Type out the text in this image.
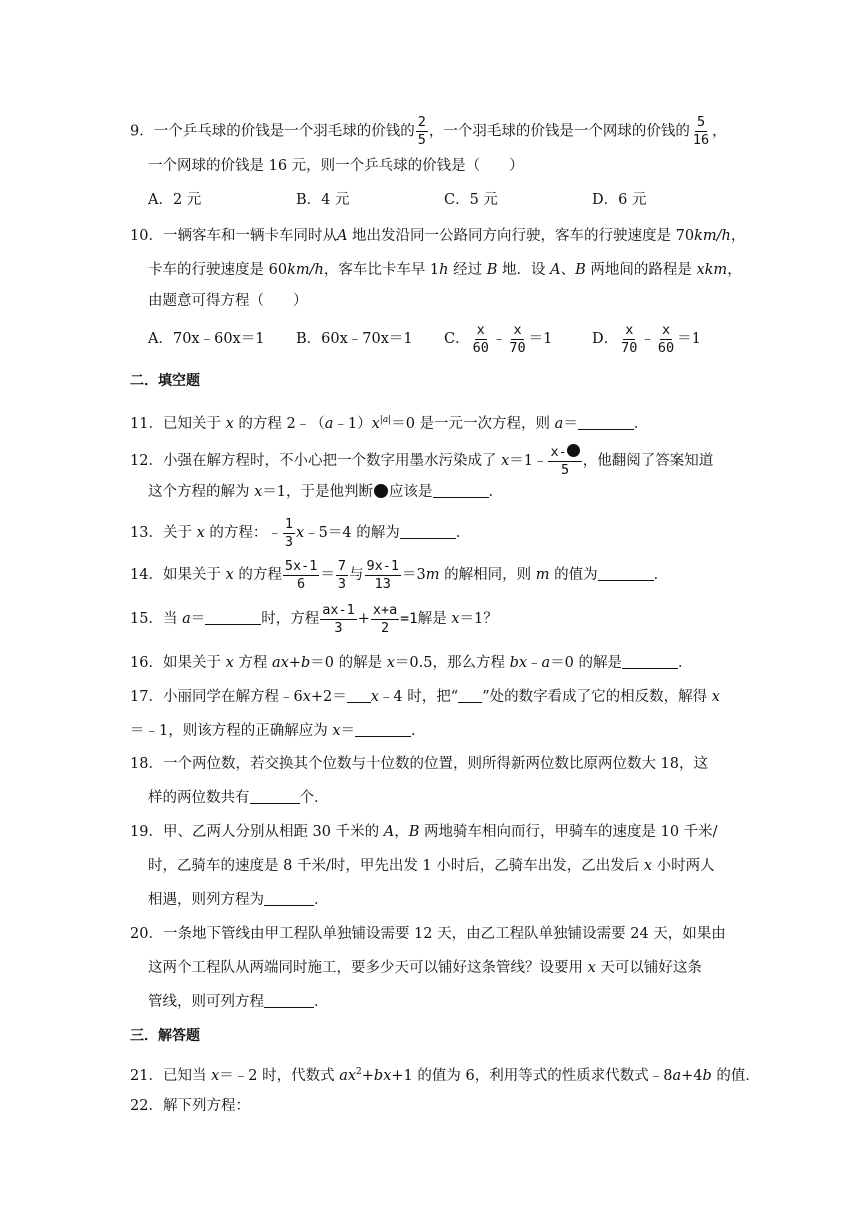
9．一个乒乓球的价钱是一个羽毛球的价钱的 $\frac{2}{5}$ ，一个羽毛球的价钱是一个网球的价钱的 $\frac{5}{16}$ ，
一个网球的价钱是 16 元，则一个乒乓球的价钱是（　　）
A．2 元	B．4 元	C．5 元	D．6 元
10．一辆客车和一辆卡车同时从A 地出发沿同一公路同方向行驶，客车的行驶速度是 70km/h，
卡车的行驶速度是 60km/h，客车比卡车早 1h 经过 B 地．设 A、B 两地间的路程是 xkm，
由题意可得方程（　　）
A．70x﹣60x＝1 B．60x﹣70x＝1 C． $\frac{x}{60}$ ﹣ $\frac{x}{70} =1$	D． $\frac{x}{70}$ ﹣ $\frac{x}{60} =1$
二．填空题
11．已知关于 x 的方程 $2﹣(a﹣1)x^{|a|}=0$ 是一元一次方程，则 a＝	．
12．小强在解方程时，不小心把一个数字用墨水污染成了 x＝1﹣ $\frac{x-}{5}$ ，他翻阅了答案知道
这个方程的解为 x＝1，于是他判断 应该是	．
13．关于 x 的方程：﹣ $\frac{1}{3}$ x﹣5＝4 的解为	．
14．如果关于 x 的方程 $\frac{5x-1}{6} = \frac{7}{3}$ 与 $\frac{9x-1}{13} =3m$ 的解相同，则 m 的值为	．
15．当 a＝	时，方程 $\frac{ax-1}{3} + \frac{x+a}{2} =1$解是 x＝1？
16．如果关于 x 方程 ax+b＝0 的解是 x＝0.5，那么方程 bx﹣a＝0 的解是	．
17．小丽同学在解方程﹣6x+2＝ x﹣4 时，把“ ”处的数字看成了它的相反数，解得 x
＝﹣1，则该方程的正确解应为 x＝	．
18．一个两位数，若交换其个位数与十位数的位置，则所得新两位数比原两位数大 18，这
样的两位数共有	个．
19．甲、乙两人分别从相距 30 千米的 A，B 两地骑车相向而行，甲骑车的速度是 10 千米/
时，乙骑车的速度是 8 千米/时，甲先出发 1 小时后，乙骑车出发，乙出发后 x 小时两人
相遇，则列方程为	．
20．一条地下管线由甲工程队单独铺设需要 12 天，由乙工程队单独铺设需要 24 天，如果由
这两个工程队从两端同时施工，要多少天可以铺好这条管线？设要用 x 天可以铺好这条
管线，则可列方程	．
三．解答题
21．已知当 x＝﹣2 时，代数式 $ax^2+bx+1$ 的值为 6，利用等式的性质求代数式﹣8a+4b 的值．
22．解下列方程：
